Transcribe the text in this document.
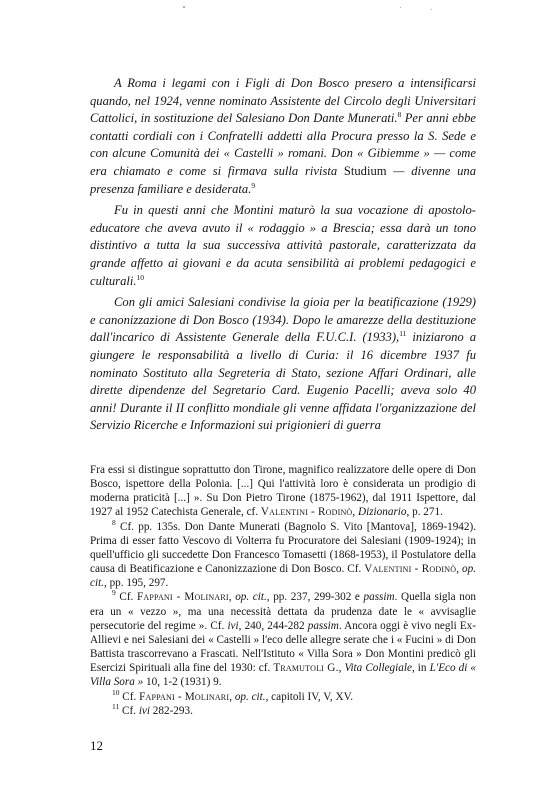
A Roma i legami con i Figli di Don Bosco presero a intensificarsi quando, nel 1924, venne nominato Assistente del Circolo degli Universitari Cattolici, in sostituzione del Salesiano Don Dante Munerati.$^8$ Per anni ebbe contatti cordiali con i Confratelli addetti alla Procura presso la S. Sede e con alcune Comunità dei « Castelli » romani. Don « Gibiemme » — come era chiamato e come si firmava sulla rivista Studium — divenne una presenza familiare e desiderata.$^9$

Fu in questi anni che Montini maturò la sua vocazione di apostolo-educatore che aveva avuto il « rodaggio » a Brescia; essa darà un tono distintivo a tutta la sua successiva attività pastorale, caratterizzata da grande affetto ai giovani e da acuta sensibilità ai problemi pedagogici e culturali.$^{10}$

Con gli amici Salesiani condivise la gioia per la beatificazione (1929) e canonizzazione di Don Bosco (1934). Dopo le amarezze della destituzione dall'incarico di Assistente Generale della F.U.C.I. (1933),$^{11}$ iniziarono a giungere le responsabilità a livello di Curia: il 16 dicembre 1937 fu nominato Sostituto alla Segreteria di Stato, sezione Affari Ordinari, alle dirette dipendenze del Segretario Card. Eugenio Pacelli; aveva solo 40 anni! Durante il II conflitto mondiale gli venne affidata l'organizzazione del Servizio Ricerche e Informazioni sui prigionieri di guerra

Fra essi si distingue soprattutto don Tirone, magnifico realizzatore delle opere di Don Bosco, ispettore della Polonia. [...] Qui l'attività loro è considerata un prodigio di moderna praticità [...] ». Su Don Pietro Tirone (1875-1962), dal 1911 Ispettore, dal 1927 al 1952 Catechista Generale, cf. Valentini - Rodinò, Dizionario, p. 271.

$^8$ Cf. pp. 135s. Don Dante Munerati (Bagnolo S. Vito [Mantova], 1869-1942). Prima di esser fatto Vescovo di Volterra fu Procuratore dei Salesiani (1909-1924); in quell'ufficio gli succedette Don Francesco Tomasetti (1868-1953), il Postulatore della causa di Beatificazione e Canonizzazione di Don Bosco. Cf. Valentini - Rodinò, op. cit., pp. 195, 297.

$^9$ Cf. Fappani - Molinari, op. cit., pp. 237, 299-302 e passim. Quella sigla non era un « vezzo », ma una necessità dettata da prudenza date le « avvisaglie persecutorie del regime ». Cf. ivi, 240, 244-282 passim. Ancora oggi è vivo negli Ex-Allievi e nei Salesiani dei « Castelli » l'eco delle allegre serate che i « Fucini » di Don Battista trascorrevano a Frascati. Nell'Istituto « Villa Sora » Don Montini predicò gli Esercizi Spirituali alla fine del 1930: cf. Tramutoli G., Vita Collegiale, in L'Eco di « Villa Sora » 10, 1-2 (1931) 9.

$^{10}$ Cf. Fappani - Molinari, op. cit., capitoli IV, V, XV.

$^{11}$ Cf. ivi 282-293.

12
